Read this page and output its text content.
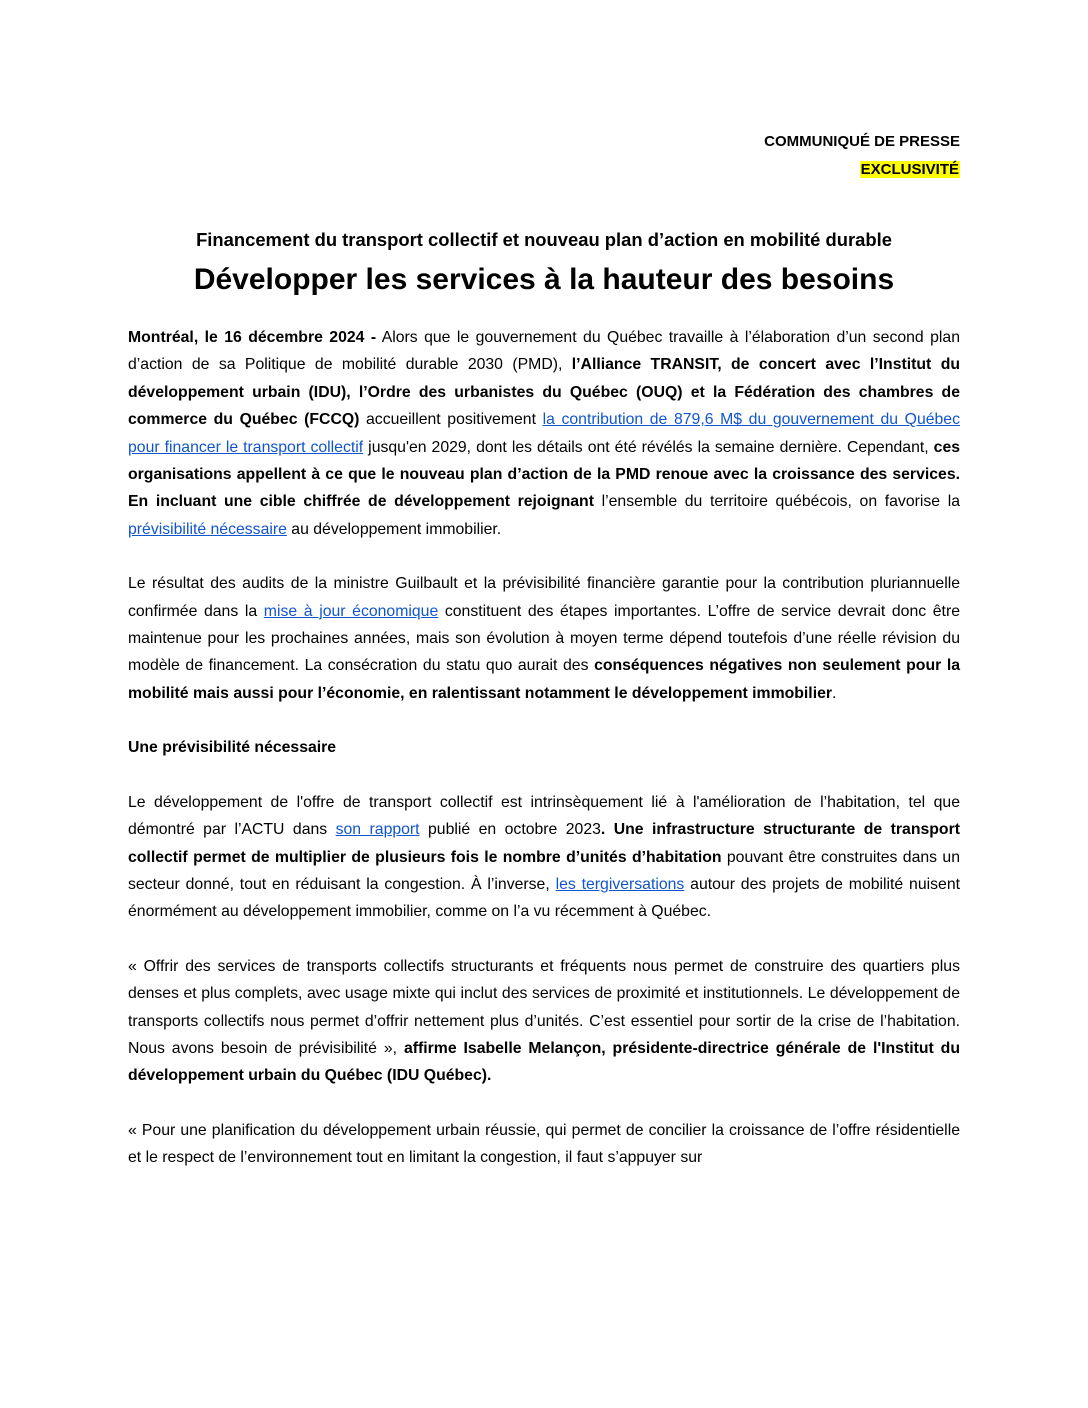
COMMUNIQUÉ DE PRESSE
EXCLUSIVITÉ
Financement du transport collectif et nouveau plan d’action en mobilité durable
Développer les services à la hauteur des besoins

Montréal, le 16 décembre 2024 - Alors que le gouvernement du Québec travaille à l’élaboration d’un second plan d’action de sa Politique de mobilité durable 2030 (PMD), l’Alliance TRANSIT, de concert avec l’Institut du développement urbain (IDU), l’Ordre des urbanistes du Québec (OUQ) et la Fédération des chambres de commerce du Québec (FCCQ) accueillent positivement la contribution de 879,6 M$ du gouvernement du Québec pour financer le transport collectif jusqu'en 2029, dont les détails ont été révélés la semaine dernière. Cependant, ces organisations appellent à ce que le nouveau plan d’action de la PMD renoue avec la croissance des services. En incluant une cible chiffrée de développement rejoignant l’ensemble du territoire québécois, on favorise la prévisibilité nécessaire au développement immobilier.

Le résultat des audits de la ministre Guilbault et la prévisibilité financière garantie pour la contribution pluriannuelle confirmée dans la mise à jour économique constituent des étapes importantes. L’offre de service devrait donc être maintenue pour les prochaines années, mais son évolution à moyen terme dépend toutefois d’une réelle révision du modèle de financement. La consécration du statu quo aurait des conséquences négatives non seulement pour la mobilité mais aussi pour l’économie, en ralentissant notamment le développement immobilier.

Une prévisibilité nécessaire

Le développement de l'offre de transport collectif est intrinsèquement lié à l'amélioration de l’habitation, tel que démontré par l’ACTU dans son rapport publié en octobre 2023. Une infrastructure structurante de transport collectif permet de multiplier de plusieurs fois le nombre d’unités d’habitation pouvant être construites dans un secteur donné, tout en réduisant la congestion. À l’inverse, les tergiversations autour des projets de mobilité nuisent énormément au développement immobilier, comme on l’a vu récemment à Québec.

« Offrir des services de transports collectifs structurants et fréquents nous permet de construire des quartiers plus denses et plus complets, avec usage mixte qui inclut des services de proximité et institutionnels. Le développement de transports collectifs nous permet d’offrir nettement plus d’unités. C’est essentiel pour sortir de la crise de l’habitation. Nous avons besoin de prévisibilité », affirme Isabelle Melançon, présidente-directrice générale de l'Institut du développement urbain du Québec (IDU Québec).

« Pour une planification du développement urbain réussie, qui permet de concilier la croissance de l’offre résidentielle et le respect de l’environnement tout en limitant la congestion, il faut s’appuyer sur
